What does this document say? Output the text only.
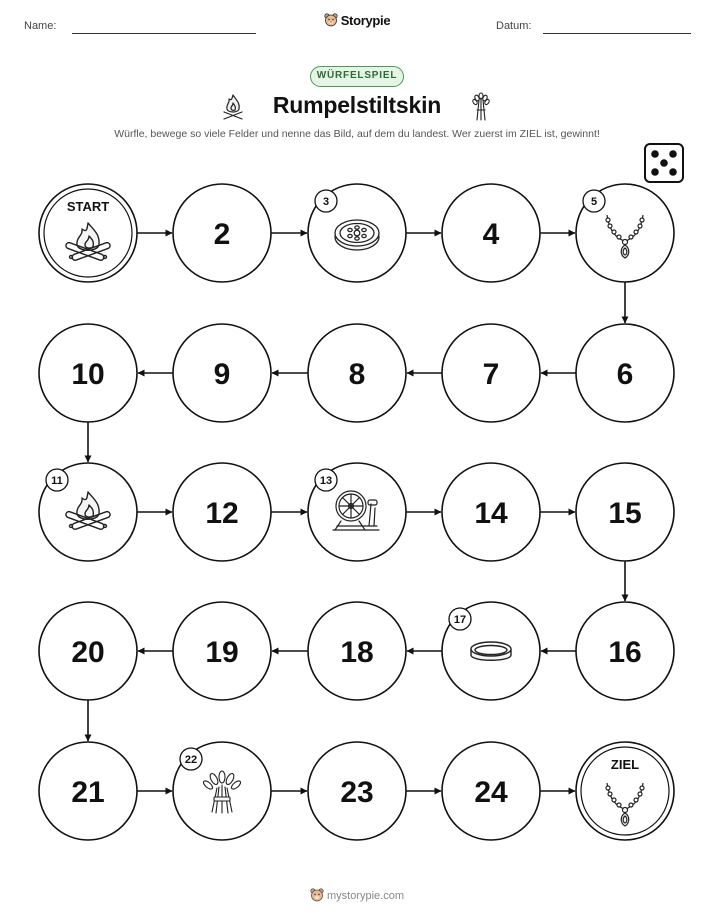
Name:	Storypie	Datum:
WÜRFELSPIEL
Rumpelstiltskin
Würfle, bewege so viele Felder und nenne das Bild, auf dem du landest. Wer zuerst im ZIEL ist, gewinnt!
START
2
3
4
5
6
7
8
9
10
11
12
13
14	15
16
17
18
19
20
21
22
23	24
ZIEL
mystorypie.com
